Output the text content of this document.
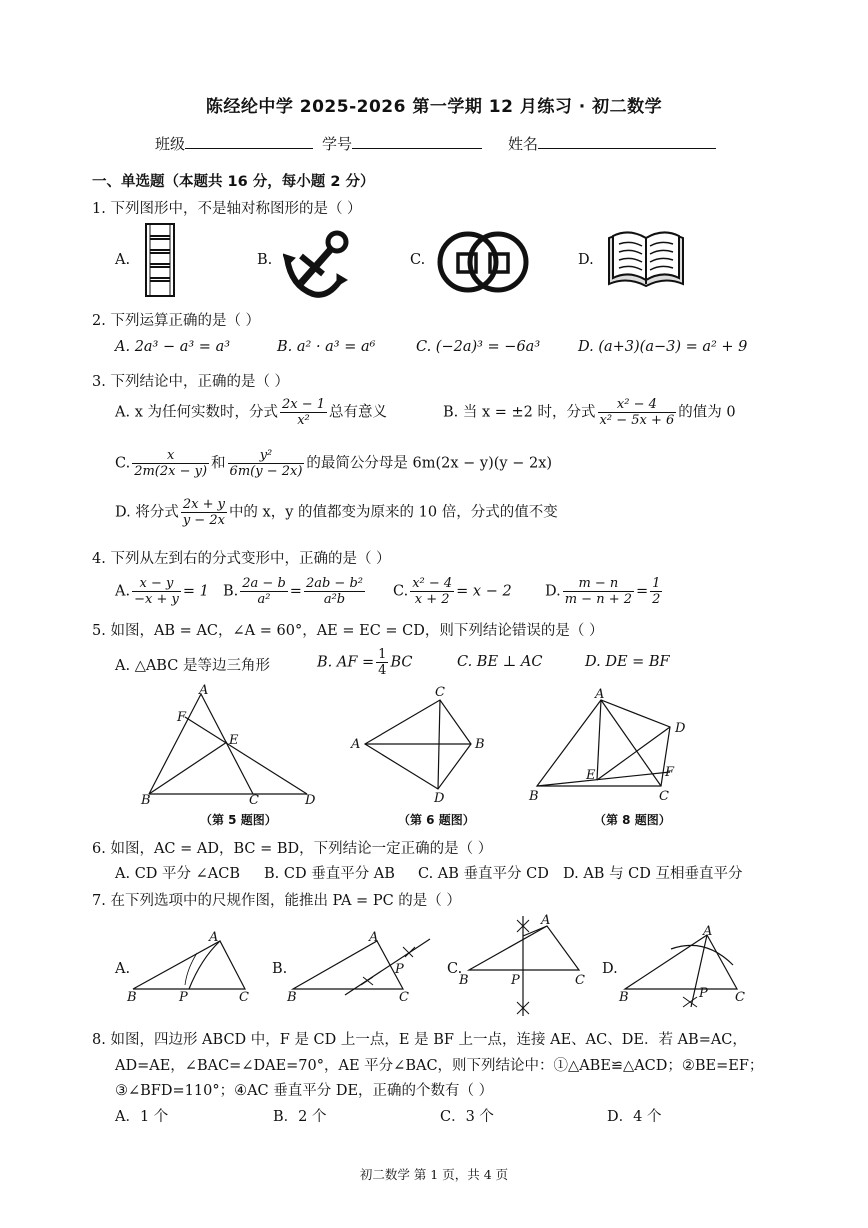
陈经纶中学 2025-2026 第一学期 12 月练习 · 初二数学
班级	学号	姓名
一、单选题（本题共 16 分，每小题 2 分）
1. 下列图形中，不是轴对称图形的是（ ）
A.	B.	C.	D.
2. 下列运算正确的是（ ）
A. 2a³ − a³ = a³	B. a² · a³ = a⁶	C. (−2a)³ = −6a³	D. (a+3)(a−3) = a² + 9
3. 下列结论中，正确的是（ ）
A. x 为任何实数时，分式 $\frac{2x - 1}{\text{x²}}$ 总有意义	B. 当 x = ±2 时，分式 $\frac{\text{x² − 4}}{\text{x² − 5x + 6}}$ 的值为 0
C. $\frac{x}{2m(2x - y)}$ 和 $\frac{\text{y²}}{6m(y - 2x)}$ 的最简公分母是 6m(2x − y)(y − 2x)
D. 将分式 $\frac{2x + y}{y - 2x}$ 中的 x，y 的值都变为原来的 10 倍，分式的值不变
4. 下列从左到右的分式变形中，正确的是（ ）
A. $\frac{x - y}{-x + y} = 1$ B. $\frac{2a - b}{\text{a²}} = \frac{\text{2ab − b²}}{\text{a²b}} C$. $\frac{\text{x² − 4}}{x + 2} = x - 2$ D. $\frac{m - n}{m - n + 2} = \frac{1}{2}$
5. 如图，AB = AC，∠A = 60°，AE = EC = CD，则下列结论错误的是（ ）
A. △ABC 是等边三角形	B. AF = $\frac{1}{4}$ BC	C. BE ⊥ AC	D. DE = BF
A
F
E
B	C	D
C
A	B
D
A
D
E	F
B	C
（第 5 题图）	（第 6 题图）	（第 8 题图）
6. 如图，AC = AD，BC = BD，下列结论一定正确的是（ ）
A. CD 平分 ∠ACB B. CD 垂直平分 AB C. AB 垂直平分 CD D. AB 与 CD 互相垂直平分
7. 在下列选项中的尺规作图，能推出 PA = PC 的是（ ）
A.	B.	C.	D.
A
B	P	C
A
B
P
C
A
B	P	C
A
B	P C
8. 如图，四边形 ABCD 中，F 是 CD 上一点，E 是 BF 上一点，连接 AE、AC、DE．若 AB=AC，
AD=AE，∠BAC=∠DAE=70°，AE 平分∠BAC，则下列结论中：①△ABE≌△ACD；②BE=EF；
③∠BFD=110°；④AC 垂直平分 DE，正确的个数有（ ）
A．1 个	B．2 个	C．3 个	D．4 个
初二数学 第 1 页，共 4 页
